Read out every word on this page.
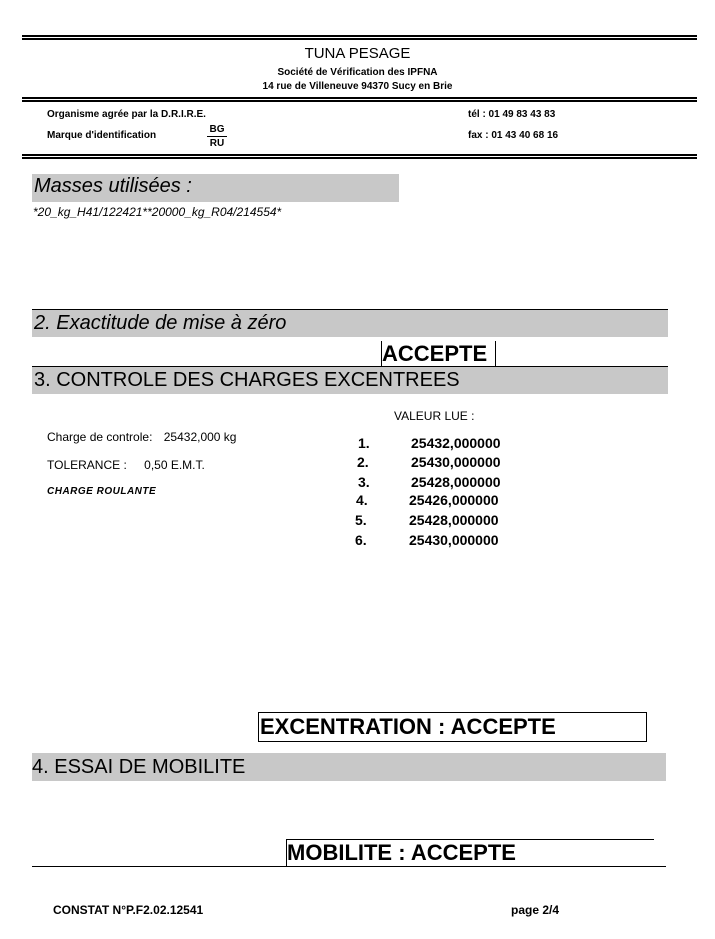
TUNA PESAGE
Société de Vérification des IPFNA
14 rue de Villeneuve 94370 Sucy en Brie
Organisme agrée par la D.R.I.R.E.
Marque d'identification	$\frac{BG}{RU}$
tél : 01 49 83 43 83
fax : 01 43 40 68 16
Masses utilisées :
*20_kg_H41/122421**20000_kg_R04/214554*
2. Exactitude de mise à zéro
ACCEPTE
3. CONTROLE DES CHARGES EXCENTREES
VALEUR LUE :
Charge de controle: 25432,000 kg
TOLERANCE : 0,50 E.M.T.
CHARGE ROULANTE
1.	25432,000000
2.	25430,000000
3.	25428,000000
4.	25426,000000
5.	25428,000000
6.	25430,000000
EXCENTRATION : ACCEPTE
4. ESSAI DE MOBILITE
MOBILITE : ACCEPTE
CONSTAT N°P.F2.02.12541	page 2/4
